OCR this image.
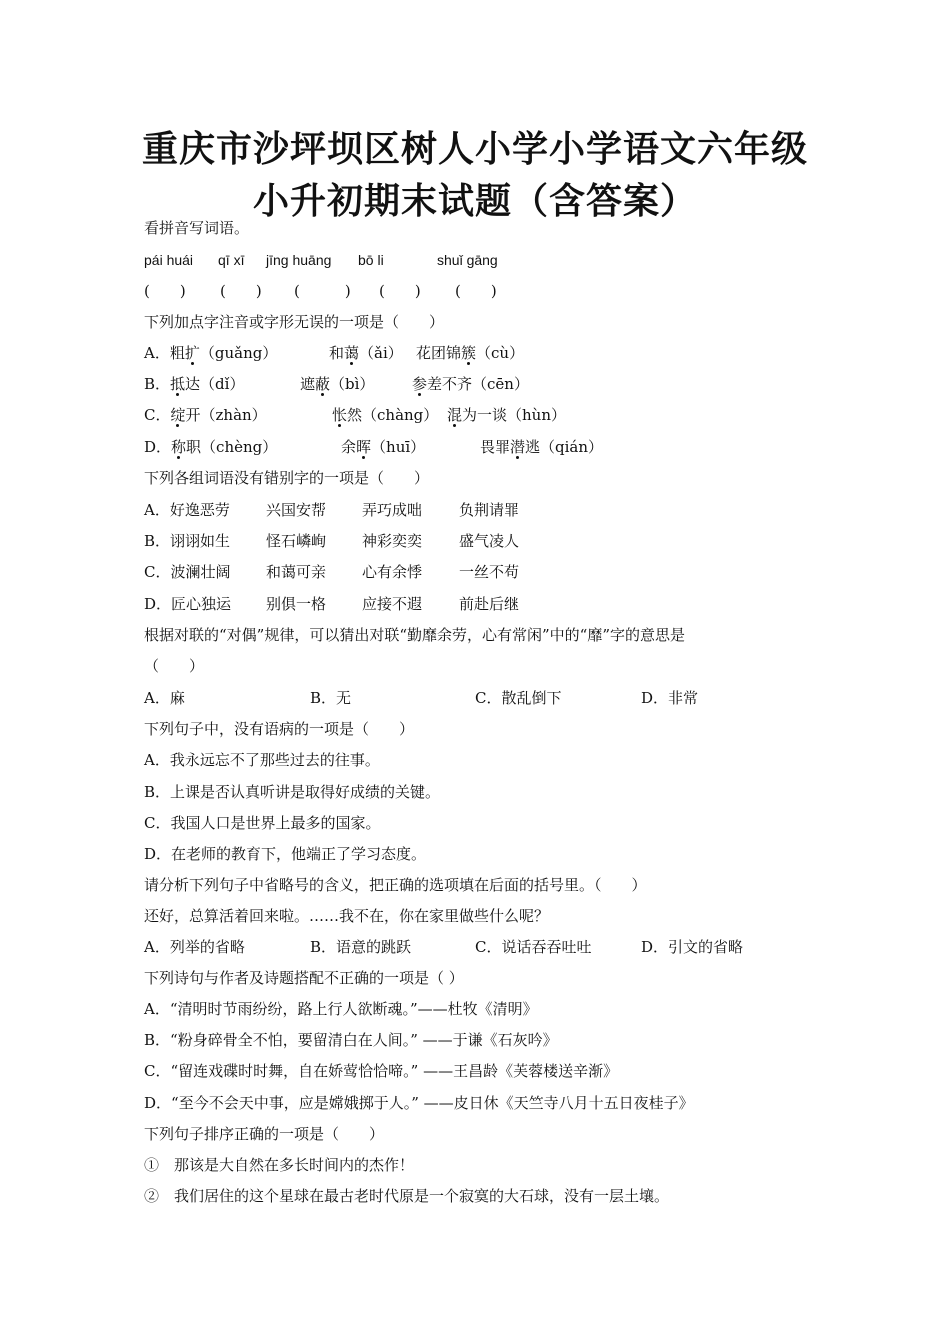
重庆市沙坪坝区树人小学小学语文六年级
小升初期末试题（含答案）
看拼音写词语。
pái huái qī xī jīng huāng bō li	shuǐ gāng
(　　) (　　) (　　　) (　　) (　　)
下列加点字注音或字形无误的一项是（　　）
A．粗扩（guǎng）	和蔼（ǎi） 花团锦簇（cù）
B．抵达（dǐ）	遮蔽（bì）	参差不齐（cēn）
C．绽开（zhàn）	怅然（chàng） 混为一谈（hùn）
D．称职（chèng）	余晖（huī）	畏罪潜逃（qián）
下列各组词语没有错别字的一项是（　　）
A．好逸恶劳 兴国安帮 弄巧成咄 负荆请罪
B．诩诩如生 怪石嶙峋 神彩奕奕 盛气凌人
C．波澜壮阔 和蔼可亲 心有余悸 一丝不苟
D．匠心独运 别俱一格 应接不遐 前赴后继
根据对联的“对偶”规律，可以猜出对联“勤靡余劳，心有常闲”中的“靡”字的意思是
（　　）
A．麻	B．无	C．散乱倒下	D．非常
下列句子中，没有语病的一项是（　　）
A．我永远忘不了那些过去的往事。
B．上课是否认真听讲是取得好成绩的关键。
C．我国人口是世界上最多的国家。
D．在老师的教育下，他端正了学习态度。
请分析下列句子中省略号的含义，把正确的选项填在后面的括号里。（　　）
还好，总算活着回来啦。……我不在，你在家里做些什么呢？
A．列举的省略	B．语意的跳跃	C．说话吞吞吐吐	D．引文的省略
下列诗句与作者及诗题搭配不正确的一项是（ ）
A．“清明时节雨纷纷，路上行人欲断魂。”——杜牧《清明》
B．“粉身碎骨全不怕，要留清白在人间。” ——于谦《石灰吟》
C．“留连戏碟时时舞，自在娇莺恰恰啼。” ——王昌龄《芙蓉楼送辛渐》
D．“至今不会天中事，应是嫦娥掷于人。” ——皮日休《天竺寺八月十五日夜桂子》
下列句子排序正确的一项是（　　）
①　那该是大自然在多长时间内的杰作！
②　我们居住的这个星球在最古老时代原是一个寂寞的大石球，没有一层土壤。
